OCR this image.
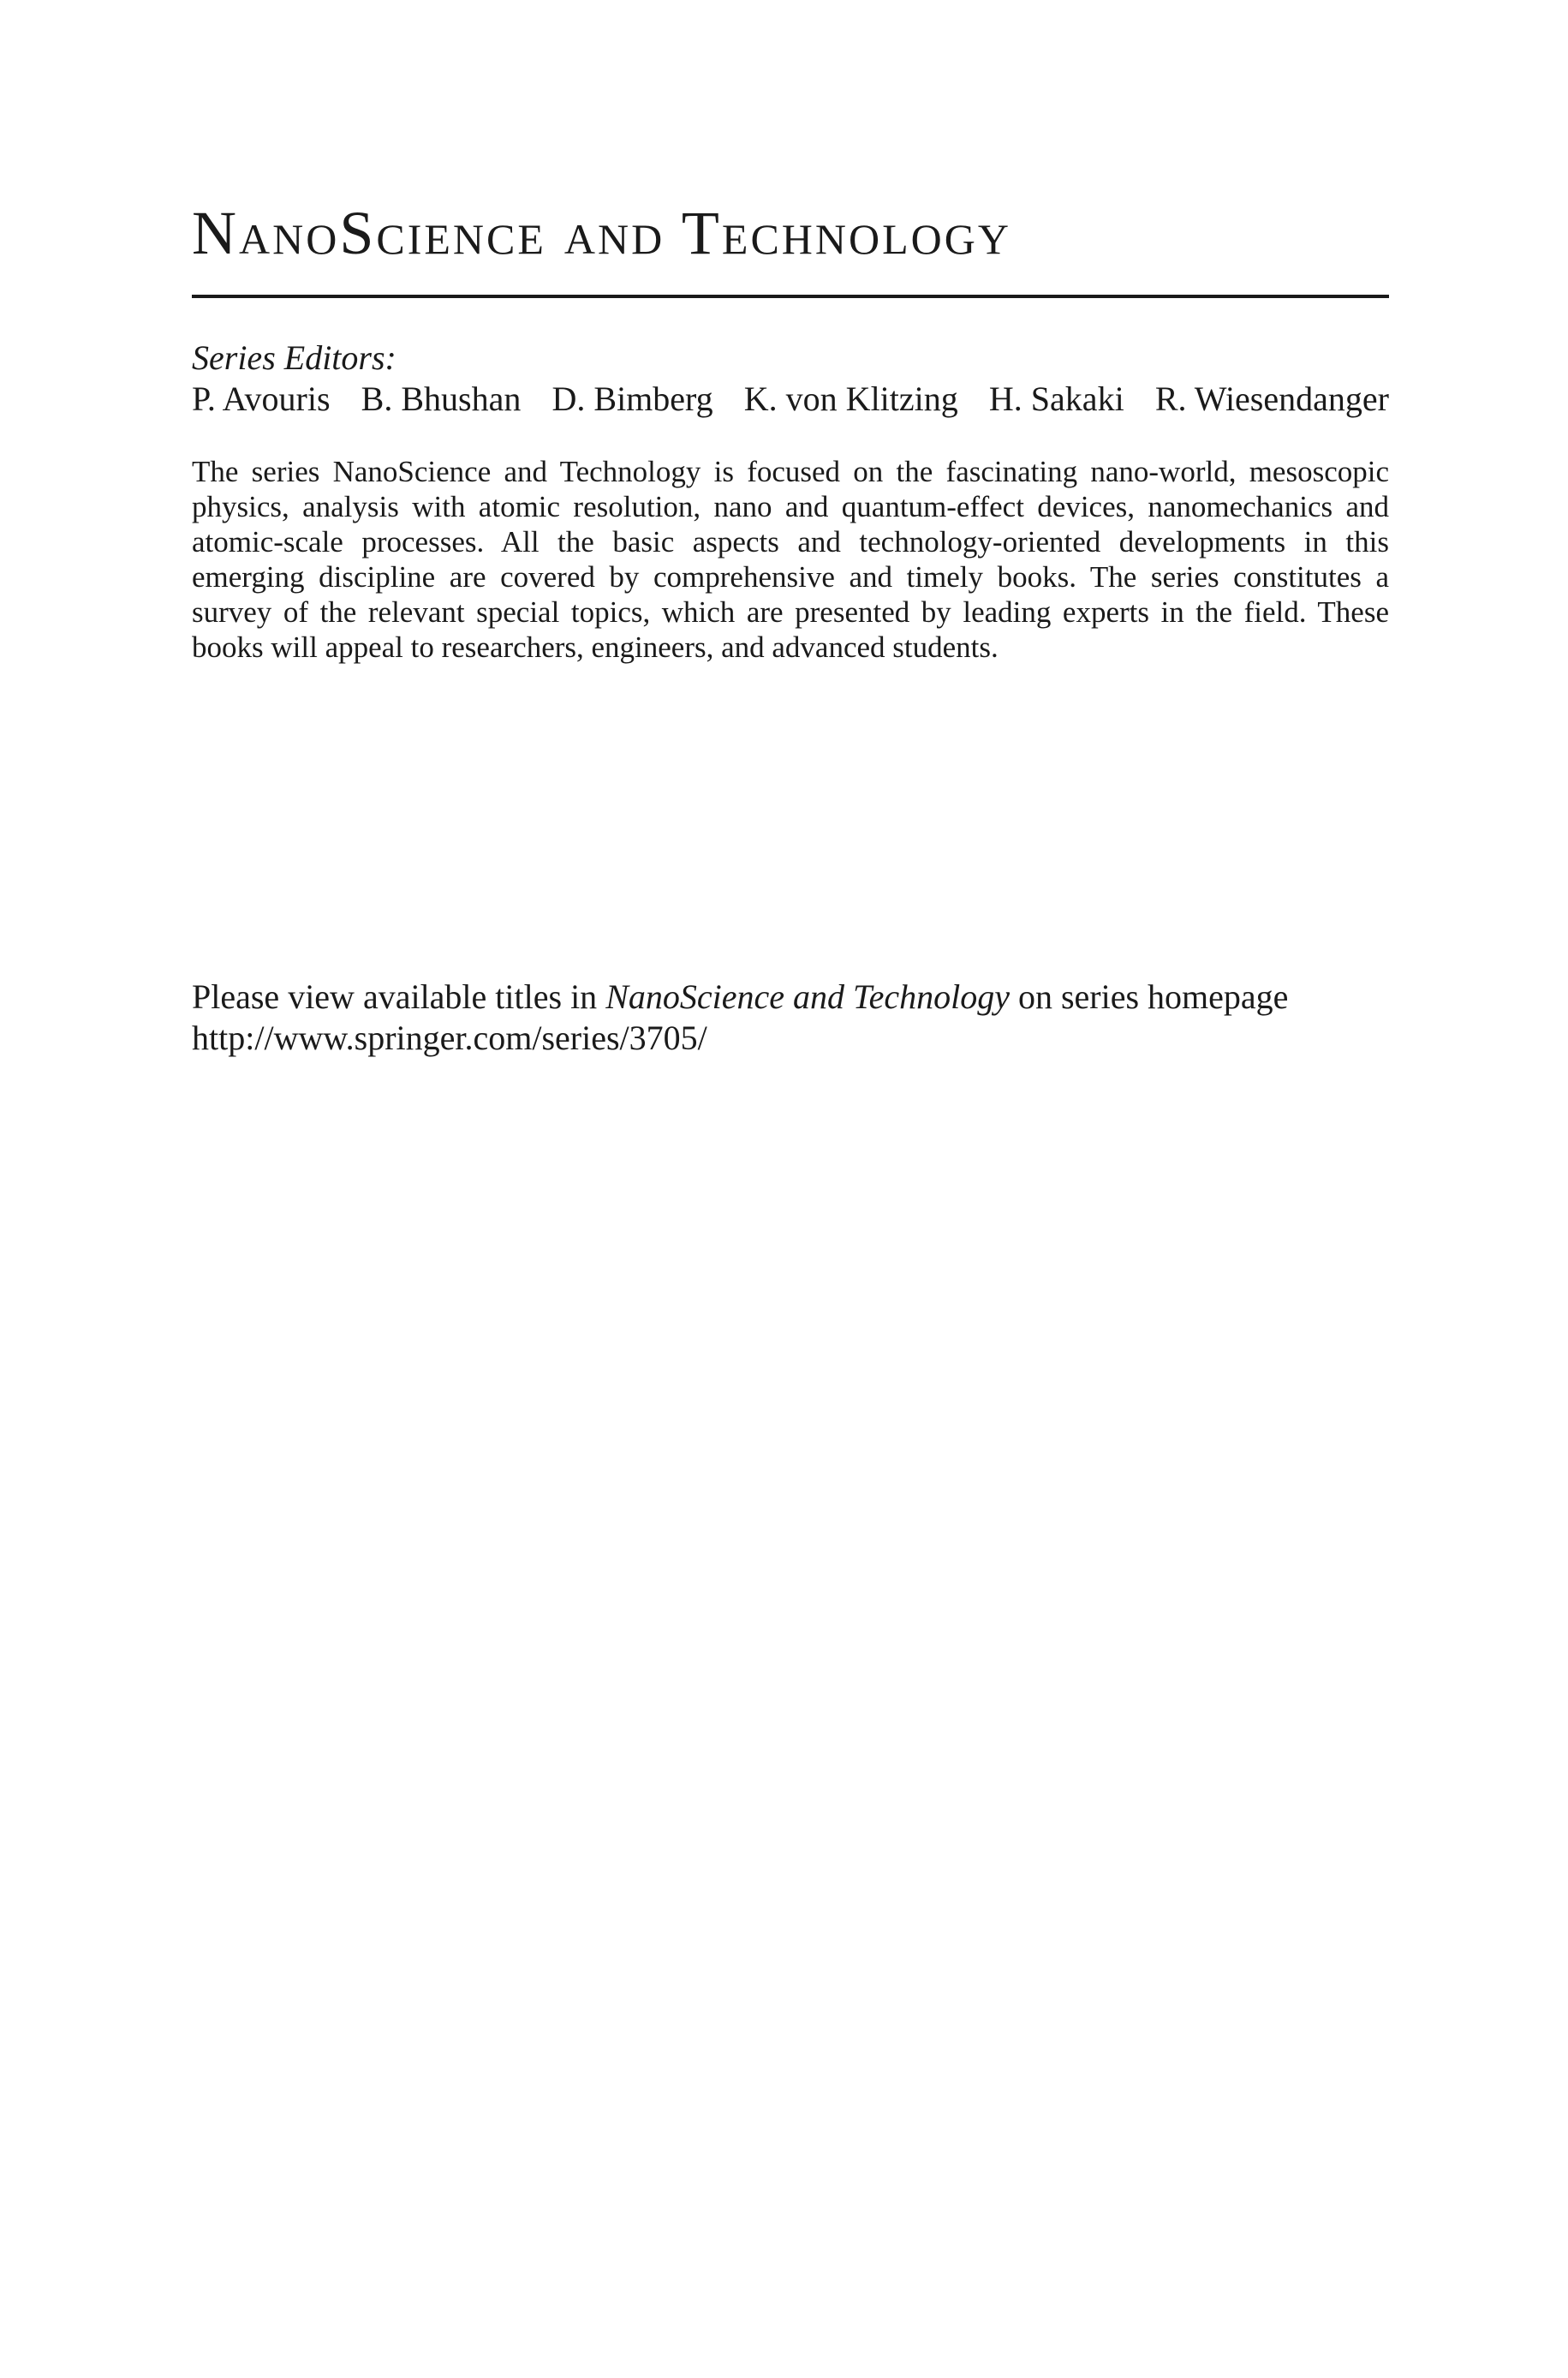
NanoScience and Technology
Series Editors:
P. Avouris B. Bhushan D. Bimberg K. von Klitzing H. Sakaki R. Wiesendanger

The series NanoScience and Technology is focused on the fascinating nano-world, mesoscopic physics, analysis with atomic resolution, nano and quantum-effect devices, nanomechanics and atomic-scale processes. All the basic aspects and technology-oriented developments in this emerging discipline are covered by comprehensive and timely books. The series constitutes a survey of the relevant special topics, which are presented by leading experts in the field. These books will appeal to researchers, engineers, and advanced students.

Please view available titles in NanoScience and Technology on series homepage
http://www.springer.com/series/3705/
